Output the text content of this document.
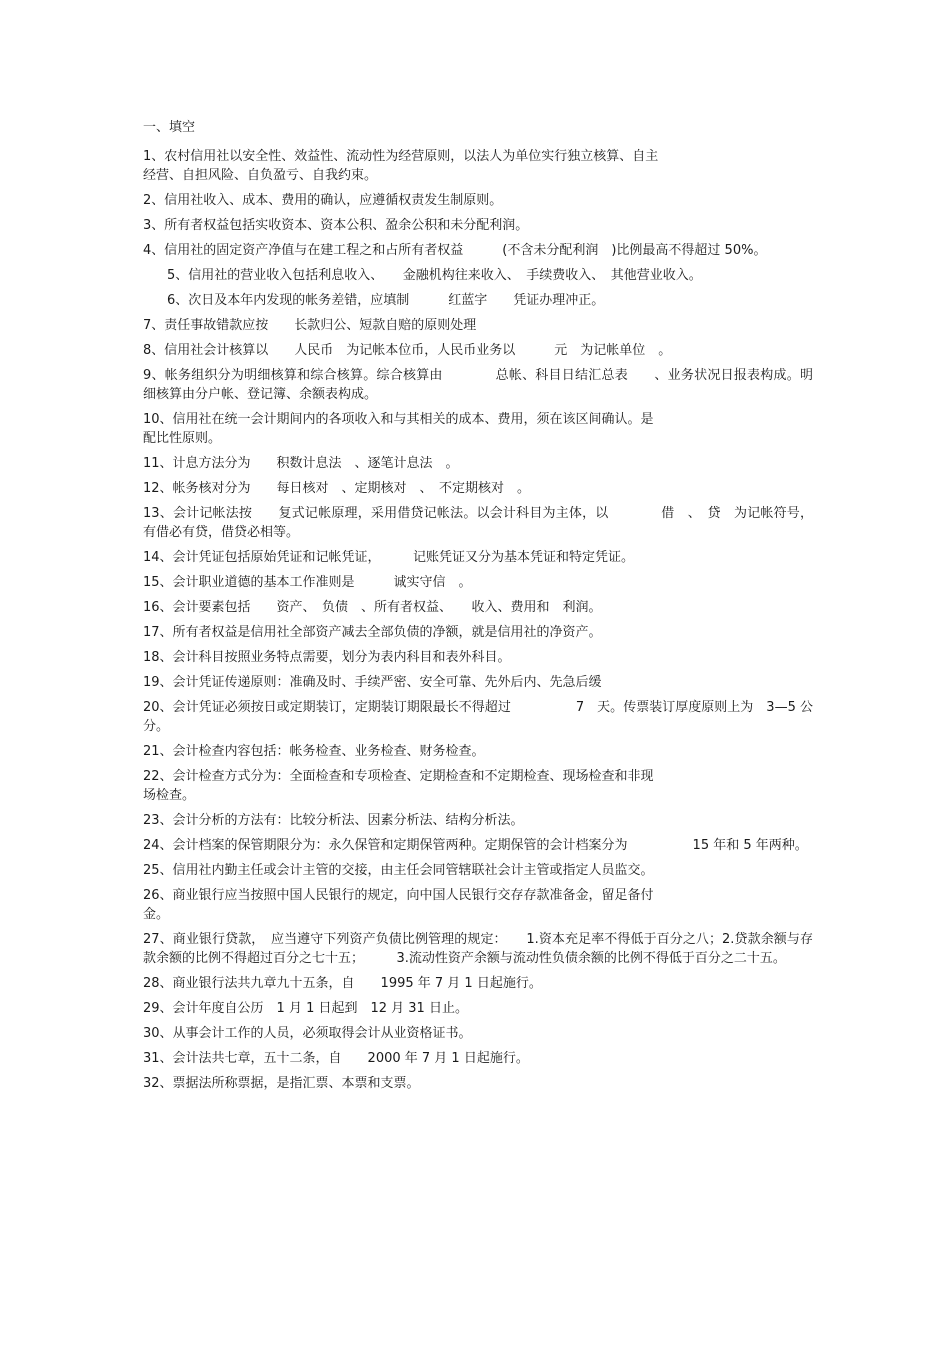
一、填空
1、农村信用社以安全性、效益性、流动性为经营原则，以法人为单位实行独立核算、自主
经营、自担风险、自负盈亏、自我约束。
2、信用社收入、成本、费用的确认，应遵循权责发生制原则。
3、所有者权益包括实收资本、资本公积、盈余公积和未分配利润。
4、信用社的固定资产净值与在建工程之和占所有者权益　　　(不含未分配利润　)比例最高不得超过 50%。
5、信用社的营业收入包括利息收入、　　金融机构往来收入、　手续费收入、　其他营业收入。
6、次日及本年内发现的帐务差错，应填制　　　红蓝字　　凭证办理冲正。
7、责任事故错款应按　　长款归公、短款自赔的原则处理
8、信用社会计核算以　　人民币　为记帐本位币，人民币业务以　　　元　为记帐单位　。
9、帐务组织分为明细核算和综合核算。综合核算由　　　　总帐、科目日结汇总表　　、业务状况日报表构成。明细核算由分户帐、登记簿、余额表构成。
10、信用社在统一会计期间内的各项收入和与其相关的成本、费用，须在该区间确认。是
配比性原则。
11、计息方法分为　　积数计息法　、逐笔计息法　。
12、帐务核对分为　　每日核对　、定期核对　、　不定期核对　。
13、会计记帐法按　　复式记帐原理，采用借贷记帐法。以会计科目为主体，以　　　　借　、　贷　为记帐符号，有借必有贷，借贷必相等。
14、会计凭证包括原始凭证和记帐凭证，　　　记账凭证又分为基本凭证和特定凭证。
15、会计职业道德的基本工作准则是　　　诚实守信　。
16、会计要素包括　　资产、　负债　、所有者权益、　　收入、费用和　利润。
17、所有者权益是信用社全部资产减去全部负债的净额，就是信用社的净资产。
18、会计科目按照业务特点需要，划分为表内科目和表外科目。
19、会计凭证传递原则：准确及时、手续严密、安全可靠、先外后内、先急后缓
20、会计凭证必须按日或定期装订，定期装订期限最长不得超过　　　　　7　天。传票装订厚度原则上为　3—5 公分。
21、会计检查内容包括：帐务检查、业务检查、财务检查。
22、会计检查方式分为：全面检查和专项检查、定期检查和不定期检查、现场检查和非现
场检查。
23、会计分析的方法有：比较分析法、因素分析法、结构分析法。
24、会计档案的保管期限分为：永久保管和定期保管两种。定期保管的会计档案分为　　　　　15 年和 5 年两种。
25、信用社内勤主任或会计主管的交接，由主任会同管辖联社会计主管或指定人员监交。
26、商业银行应当按照中国人民银行的规定，向中国人民银行交存存款准备金，留足备付
金。
27、商业银行贷款，　应当遵守下列资产负债比例管理的规定：　　1.资本充足率不得低于百分之八；2.贷款余额与存款余额的比例不得超过百分之七十五；　　　3.流动性资产余额与流动性负债余额的比例不得低于百分之二十五。
28、商业银行法共九章九十五条，自　　1995 年 7 月 1 日起施行。
29、会计年度自公历　1 月 1 日起到　12 月 31 日止。
30、从事会计工作的人员，必须取得会计从业资格证书。
31、会计法共七章，五十二条，自　　2000 年 7 月 1 日起施行。
32、票据法所称票据，是指汇票、本票和支票。
